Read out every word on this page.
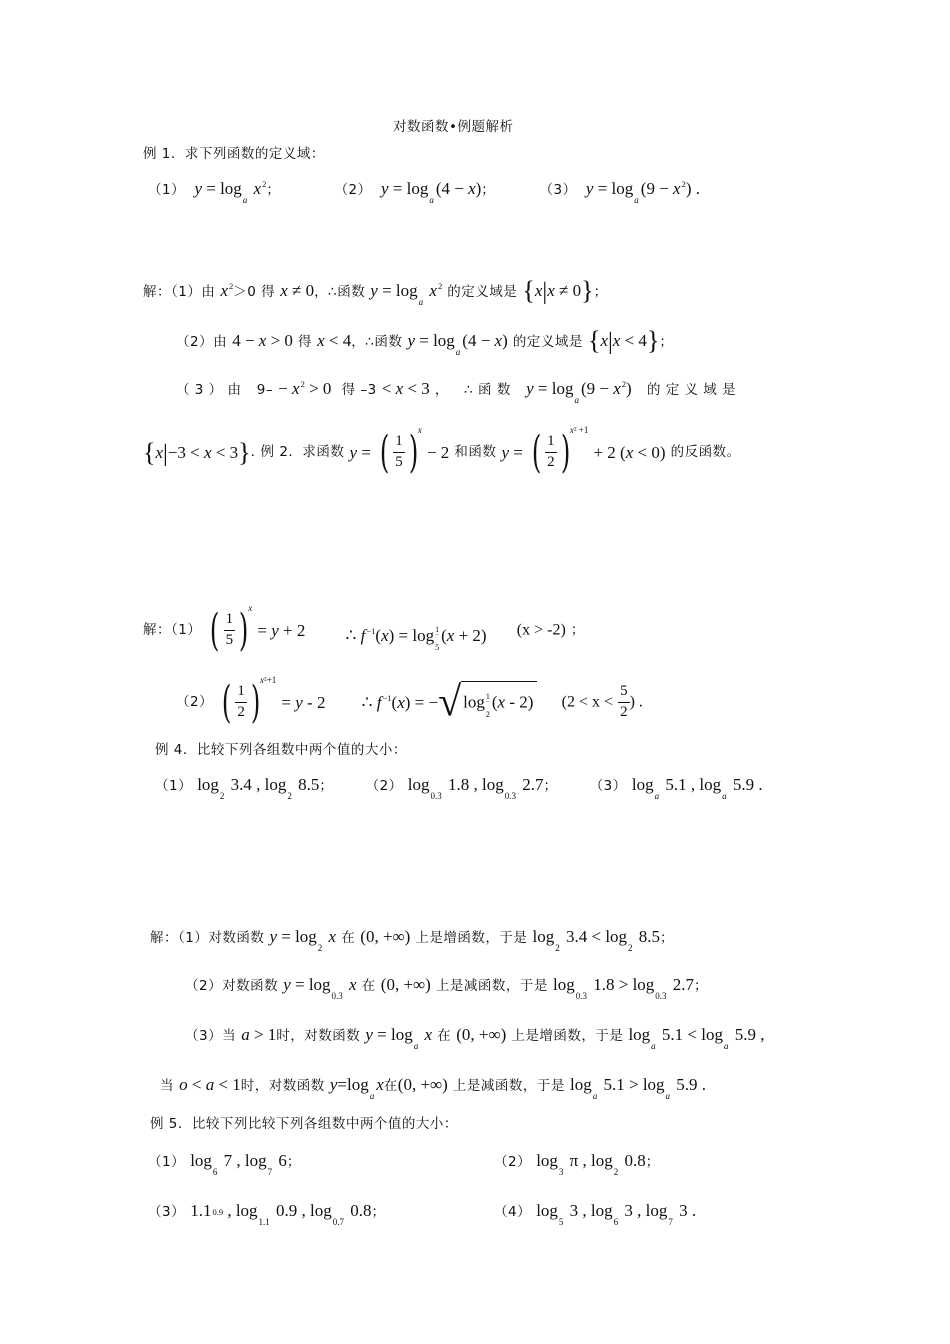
对数函数•例题解析
例 1．求下列函数的定义域：
（1） $y = \log_a x^2$；	（2） $y = \log_a(4 - x)$；	（3） $y = \log_a(9 - x^2)$ .
解：（1）由 $x^2>0$ 得 x ≠ 0，∴函数 $y = \log_a x^2$ 的定义域是 {x|x ≠ 0}；
（2）由 4 − x > 0 得 x < 4，∴函数 $y = \log_a(4 - x)$ 的定义域是 {x|x < 4}；
（ 3 ） 由 $9- - x^2 > 0$ 得 –3 < x < 3 ， ∴ 函 数 $y = \log_a(9 - x^2)$ 的 定 义 域 是
{x|−3 < x < 3}. 例 2．求函数 y = ( $\frac{1}{5} )^x - 2$ 和函数 y = ( $\frac{1}{2} )^{x^2 +1} + 2$ (x < 0) 的反函数。
解：（1） ( $\frac{1}{5} )^x = y + 2$ ∴ $f^{-1}(x) = \log_{1 ‾ 5}(x + 2) (x > -2)$ ；
（2） ( $\frac{1}{2} )^{x^2+1} = y - 2$ ∴ $f^{-1}(x)$ = −√ $\log_{1 ‾ 2}(x - 2) (2 < x < \frac{5}{2}$ ) .
例 4．比较下列各组数中两个值的大小：
（1） $\log_2 3.4$ , $\log_2 8.5$； （2） $\log_{0.3} 1.8$ , $\log_{0.3} 2.7$； （3） $\log_a 5.1$ , $\log_a 5.9$ .
解：（1）对数函数 $y = \log_2 x$ 在 (0, +∞) 上是增函数，于是 $\log_2 3.4 < \log_2 8.5$；
（2）对数函数 $y = \log_{0.3} x$ 在 (0, +∞) 上是减函数，于是 $\log_{0.3} 1.8 > \log_{0.3} 2.7$；
（3）当 a > 1时，对数函数 $y = \log_a x$ 在 (0, +∞) 上是增函数，于是 $\log_a 5.1 < \log_a 5.9$ ,
当 o < a < 1时，对数函数 $y=\log_ax$在(0, +∞) 上是减函数，于是 $\log_a 5.1 > \log_a 5.9$ .
例 5．比较下列比较下列各组数中两个值的大小：
（1） $\log_6 7$ , $\log_7 6$；	（2） $\log_3 \pi$ , $\log_2 0.8$；
（3） 1.10.9 , $\log_{1.1} 0.9$ , $\log_{0.7} 0.8$；	（4） $\log_5 3$ , $\log_6 3$ , $\log_7 3$ .
